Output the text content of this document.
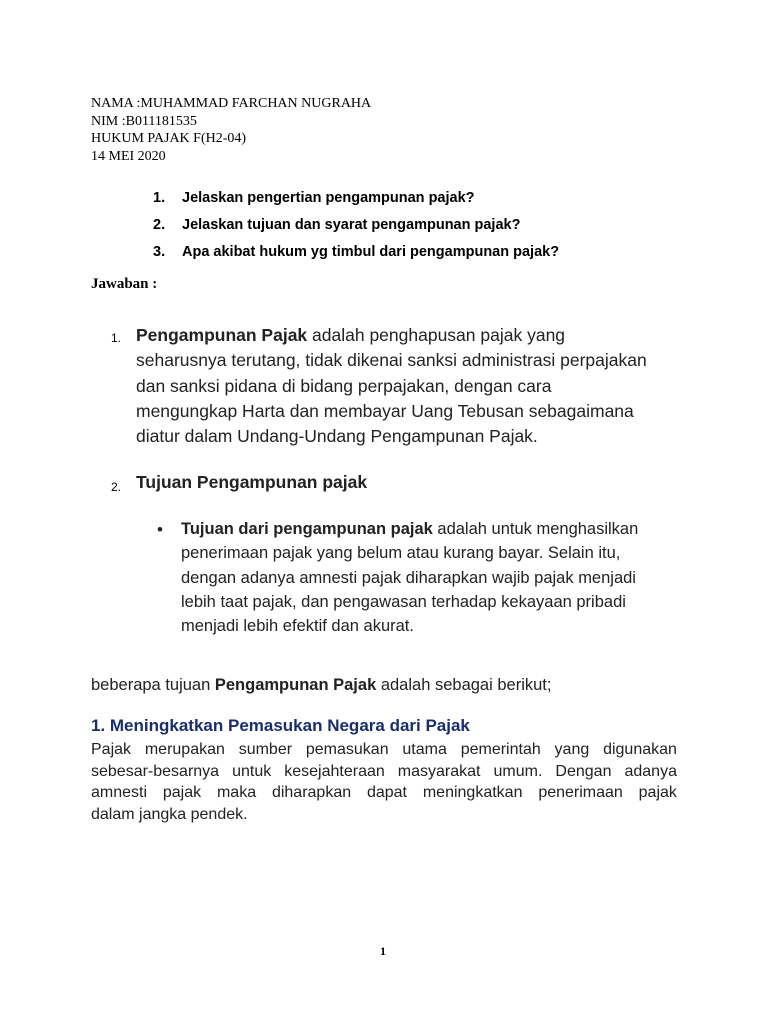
NAMA :MUHAMMAD FARCHAN NUGRAHA
NIM :B011181535
HUKUM PAJAK F(H2-04)
14 MEI 2020
1. Jelaskan pengertian pengampunan pajak?
2. Jelaskan tujuan dan syarat pengampunan pajak?
3. Apa akibat hukum yg timbul dari pengampunan pajak?
Jawaban :
1. Pengampunan Pajak adalah penghapusan pajak yang
seharusnya terutang, tidak dikenai sanksi administrasi perpajakan
dan sanksi pidana di bidang perpajakan, dengan cara
mengungkap Harta dan membayar Uang Tebusan sebagaimana
diatur dalam Undang-Undang Pengampunan Pajak.
2. Tujuan Pengampunan pajak
• Tujuan dari pengampunan pajak adalah untuk menghasilkan
penerimaan pajak yang belum atau kurang bayar. Selain itu,
dengan adanya amnesti pajak diharapkan wajib pajak menjadi
lebih taat pajak, dan pengawasan terhadap kekayaan pribadi
menjadi lebih efektif dan akurat.
beberapa tujuan Pengampunan Pajak adalah sebagai berikut;
1. Meningkatkan Pemasukan Negara dari Pajak
Pajak merupakan sumber pemasukan utama pemerintah yang digunakan
sebesar-besarnya untuk kesejahteraan masyarakat umum. Dengan adanya
amnesti pajak maka diharapkan dapat meningkatkan penerimaan pajak
dalam jangka pendek.
1
